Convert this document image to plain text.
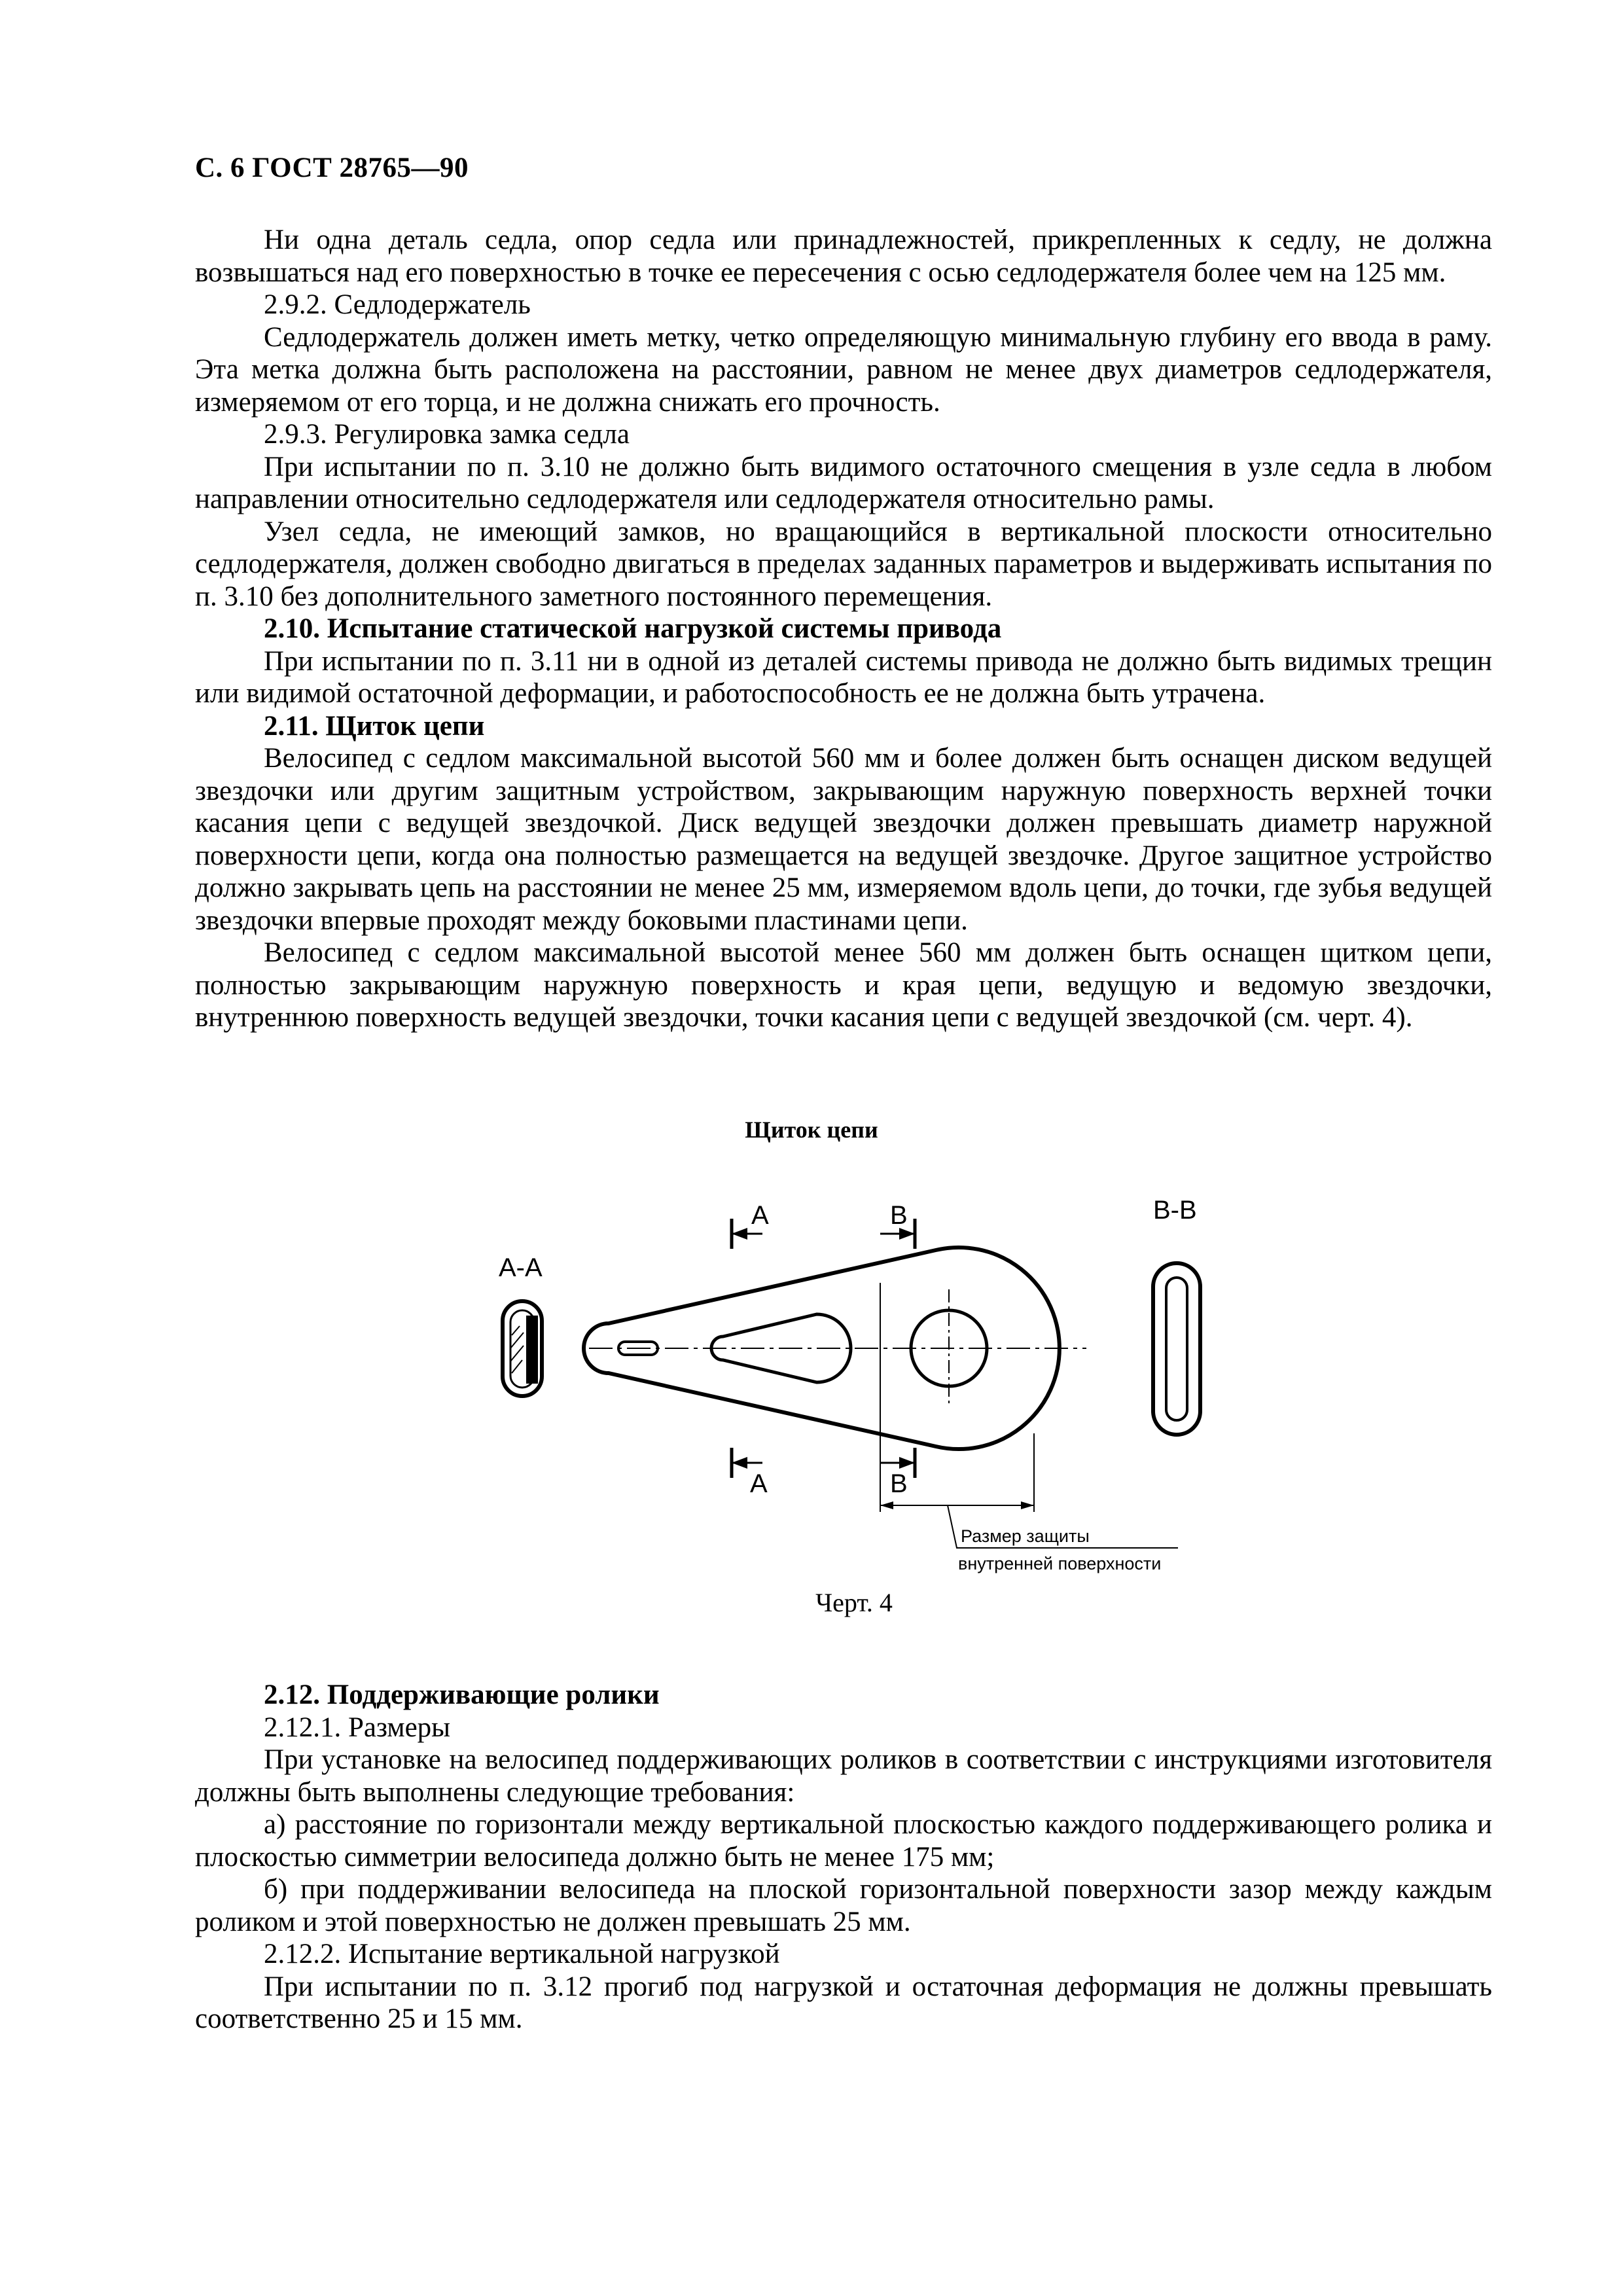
С. 6 ГОСТ 28765—90

Ни одна деталь седла, опор седла или принадлежностей, прикрепленных к седлу, не должна возвышаться над его поверхностью в точке ее пересечения с осью седлодержателя более чем на 125 мм.

2.9.2. Седлодержатель

Седлодержатель должен иметь метку, четко определяющую минимальную глубину его ввода в раму. Эта метка должна быть расположена на расстоянии, равном не менее двух диаметров седлодержателя, измеряемом от его торца, и не должна снижать его прочность.

2.9.3. Регулировка замка седла

При испытании по п. 3.10 не должно быть видимого остаточного смещения в узле седла в любом направлении относительно седлодержателя или седлодержателя относительно рамы.

Узел седла, не имеющий замков, но вращающийся в вертикальной плоскости относительно седлодержателя, должен свободно двигаться в пределах заданных параметров и выдерживать испытания по п. 3.10 без дополнительного заметного постоянного перемещения.

2.10. Испытание статической нагрузкой системы привода

При испытании по п. 3.11 ни в одной из деталей системы привода не должно быть видимых трещин или видимой остаточной деформации, и работоспособность ее не должна быть утрачена.

2.11. Щиток цепи

Велосипед с седлом максимальной высотой 560 мм и более должен быть оснащен диском ведущей звездочки или другим защитным устройством, закрывающим наружную поверхность верхней точки касания цепи с ведущей звездочкой. Диск ведущей звездочки должен превышать диаметр наружной поверхности цепи, когда она полностью размещается на ведущей звездочке. Другое защитное устройство должно закрывать цепь на расстоянии не менее 25 мм, измеряемом вдоль цепи, до точки, где зубья ведущей звездочки впервые проходят между боковыми пластинами цепи.

Велосипед с седлом максимальной высотой менее 560 мм должен быть оснащен щитком цепи, полностью закрывающим наружную поверхность и края цепи, ведущую и ведомую звездочки, внутреннюю поверхность ведущей звездочки, точки касания цепи с ведущей звездочкой (см. черт. 4).

Щиток цепи
Размер защиты
внутренней поверхности
А
А
В
В
А-А
В-В
Черт. 4

2.12. Поддерживающие ролики

2.12.1. Размеры

При установке на велосипед поддерживающих роликов в соответствии с инструкциями изготовителя должны быть выполнены следующие требования:

а) расстояние по горизонтали между вертикальной плоскостью каждого поддерживающего ролика и плоскостью симметрии велосипеда должно быть не менее 175 мм;

б) при поддерживании велосипеда на плоской горизонтальной поверхности зазор между каждым роликом и этой поверхностью не должен превышать 25 мм.

2.12.2. Испытание вертикальной нагрузкой

При испытании по п. 3.12 прогиб под нагрузкой и остаточная деформация не должны превышать соответственно 25 и 15 мм.
